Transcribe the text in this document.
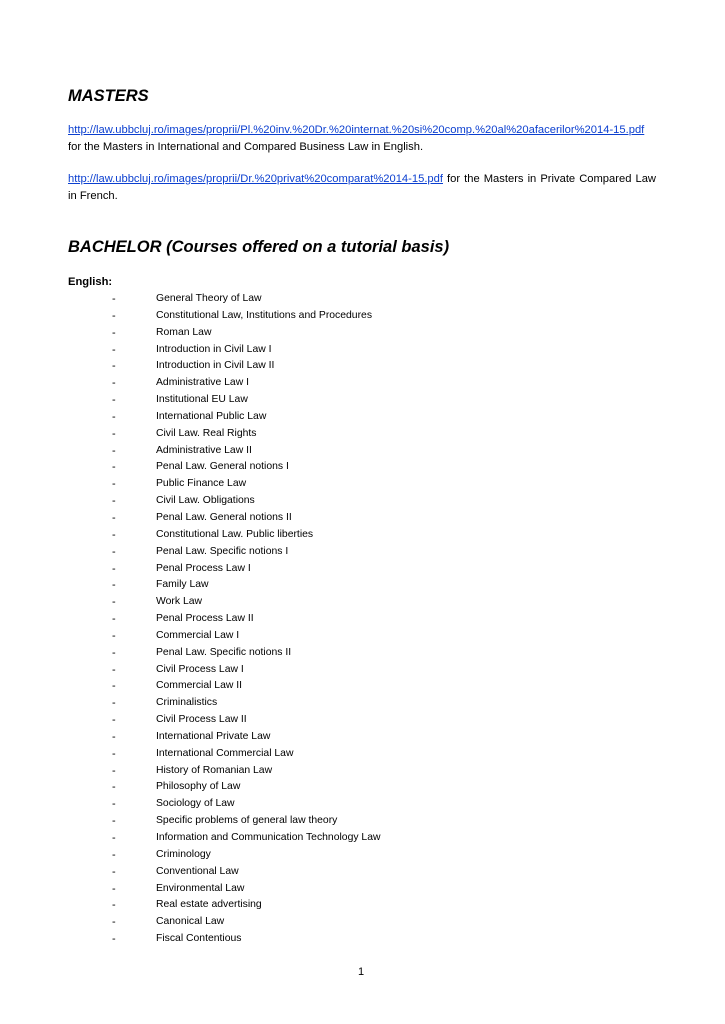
MASTERS

http://law.ubbcluj.ro/images/proprii/Pl.%20inv.%20Dr.%20internat.%20si%20comp.%20al%20afacerilor%2014-15.pdf for the Masters in International and Compared Business Law in English.

http://law.ubbcluj.ro/images/proprii/Dr.%20privat%20comparat%2014-15.pdf for the Masters in Private Compared Law in French.

BACHELOR (Courses offered on a tutorial basis)

English:

-	General Theory of Law
-	Constitutional Law, Institutions and Procedures
-	Roman Law
-	Introduction in Civil Law I
-	Introduction in Civil Law II
-	Administrative Law I
-	Institutional EU Law
-	International Public Law
-	Civil Law. Real Rights
-	Administrative Law II
-	Penal Law. General notions I
-	Public Finance Law
-	Civil Law. Obligations
-	Penal Law. General notions II
-	Constitutional Law. Public liberties
-	Penal Law. Specific notions I
-	Penal Process Law I
-	Family Law
-	Work Law
-	Penal Process Law II
-	Commercial Law I
-	Penal Law. Specific notions II
-	Civil Process Law I
-	Commercial Law II
-	Criminalistics
-	Civil Process Law II
-	International Private Law
-	International Commercial Law
-	History of Romanian Law
-	Philosophy of Law
-	Sociology of Law
-	Specific problems of general law theory
-	Information and Communication Technology Law
-	Criminology
-	Conventional Law
-	Environmental Law
-	Real estate advertising
-	Canonical Law
-	Fiscal Contentious
1
